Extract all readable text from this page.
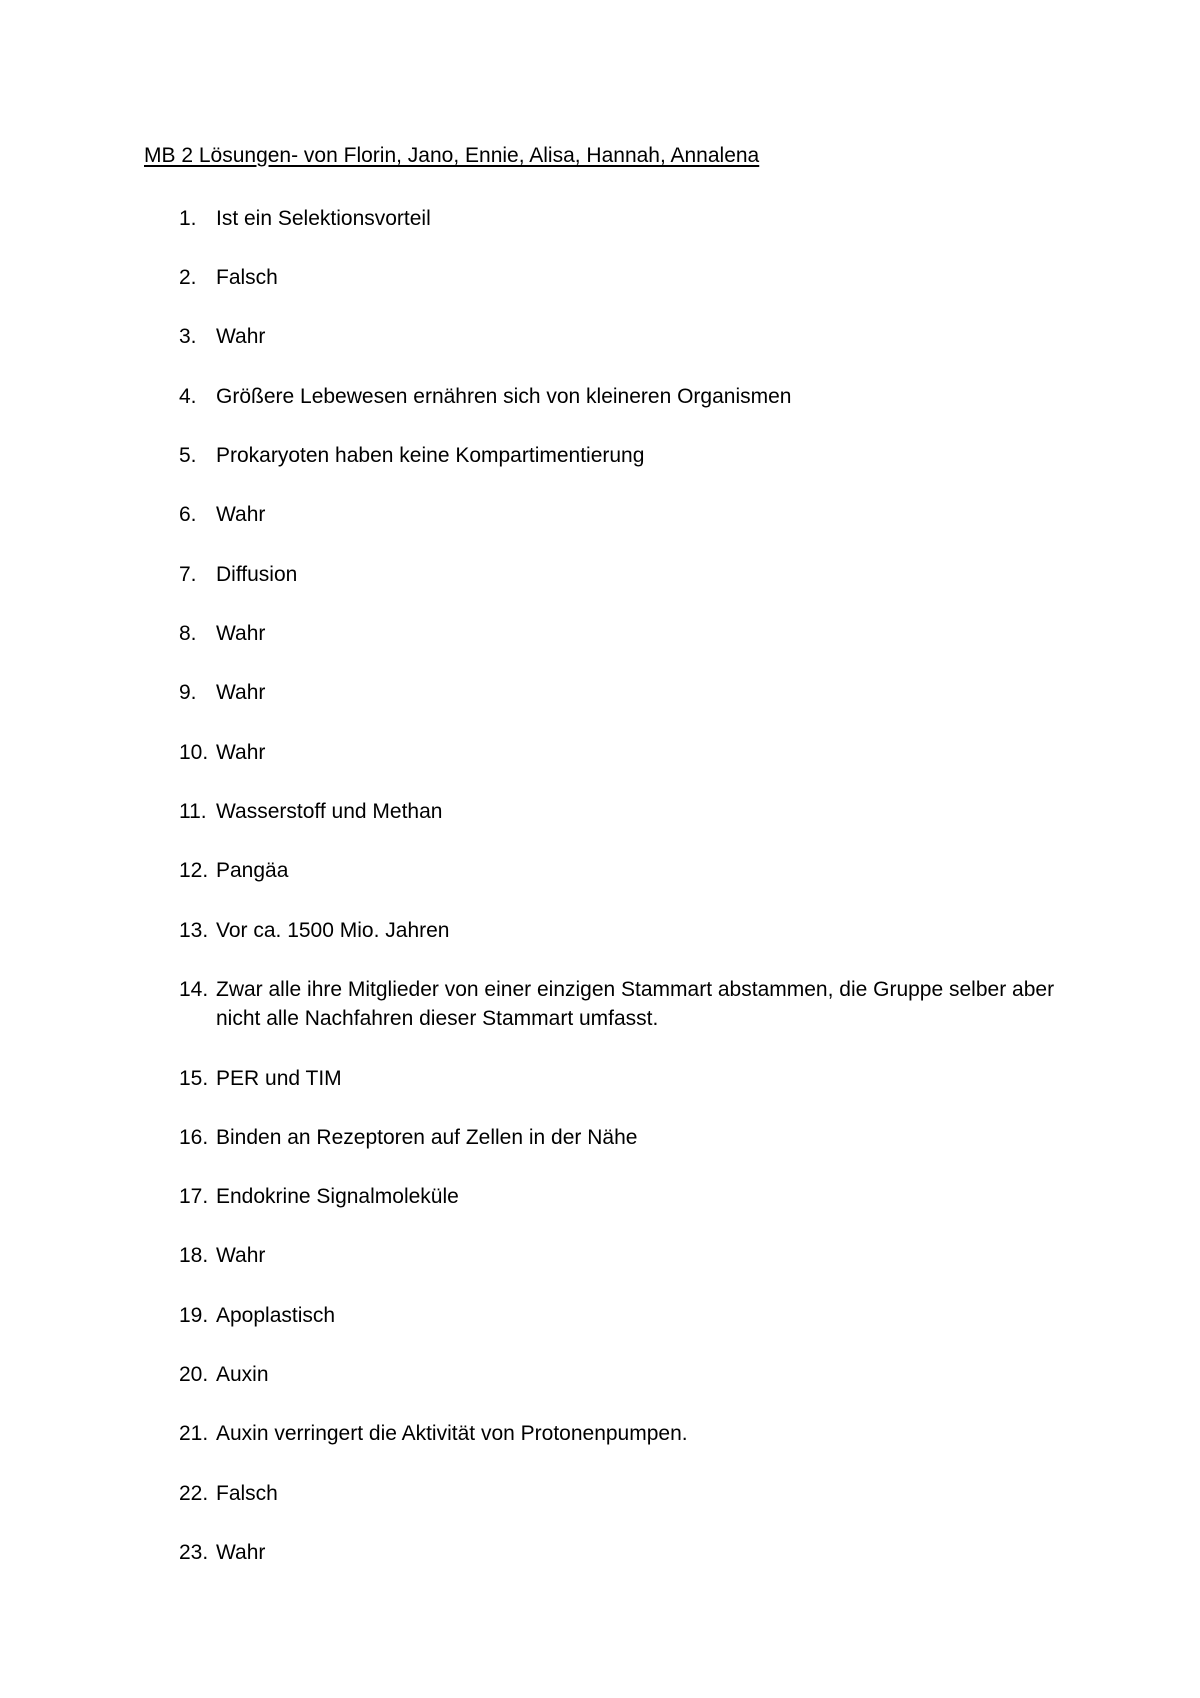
MB 2 Lösungen- von Florin, Jano, Ennie, Alisa, Hannah, Annalena
1. Ist ein Selektionsvorteil
2. Falsch
3. Wahr
4. Größere Lebewesen ernähren sich von kleineren Organismen
5. Prokaryoten haben keine Kompartimentierung
6. Wahr
7. Diffusion
8. Wahr
9. Wahr
10. Wahr
11. Wasserstoff und Methan
12. Pangäa
13. Vor ca. 1500 Mio. Jahren
14. Zwar alle ihre Mitglieder von einer einzigen Stammart abstammen, die Gruppe selber aber nicht alle Nachfahren dieser Stammart umfasst.
15. PER und TIM
16. Binden an Rezeptoren auf Zellen in der Nähe
17. Endokrine Signalmoleküle
18. Wahr
19. Apoplastisch
20. Auxin
21. Auxin verringert die Aktivität von Protonenpumpen.
22. Falsch
23. Wahr
